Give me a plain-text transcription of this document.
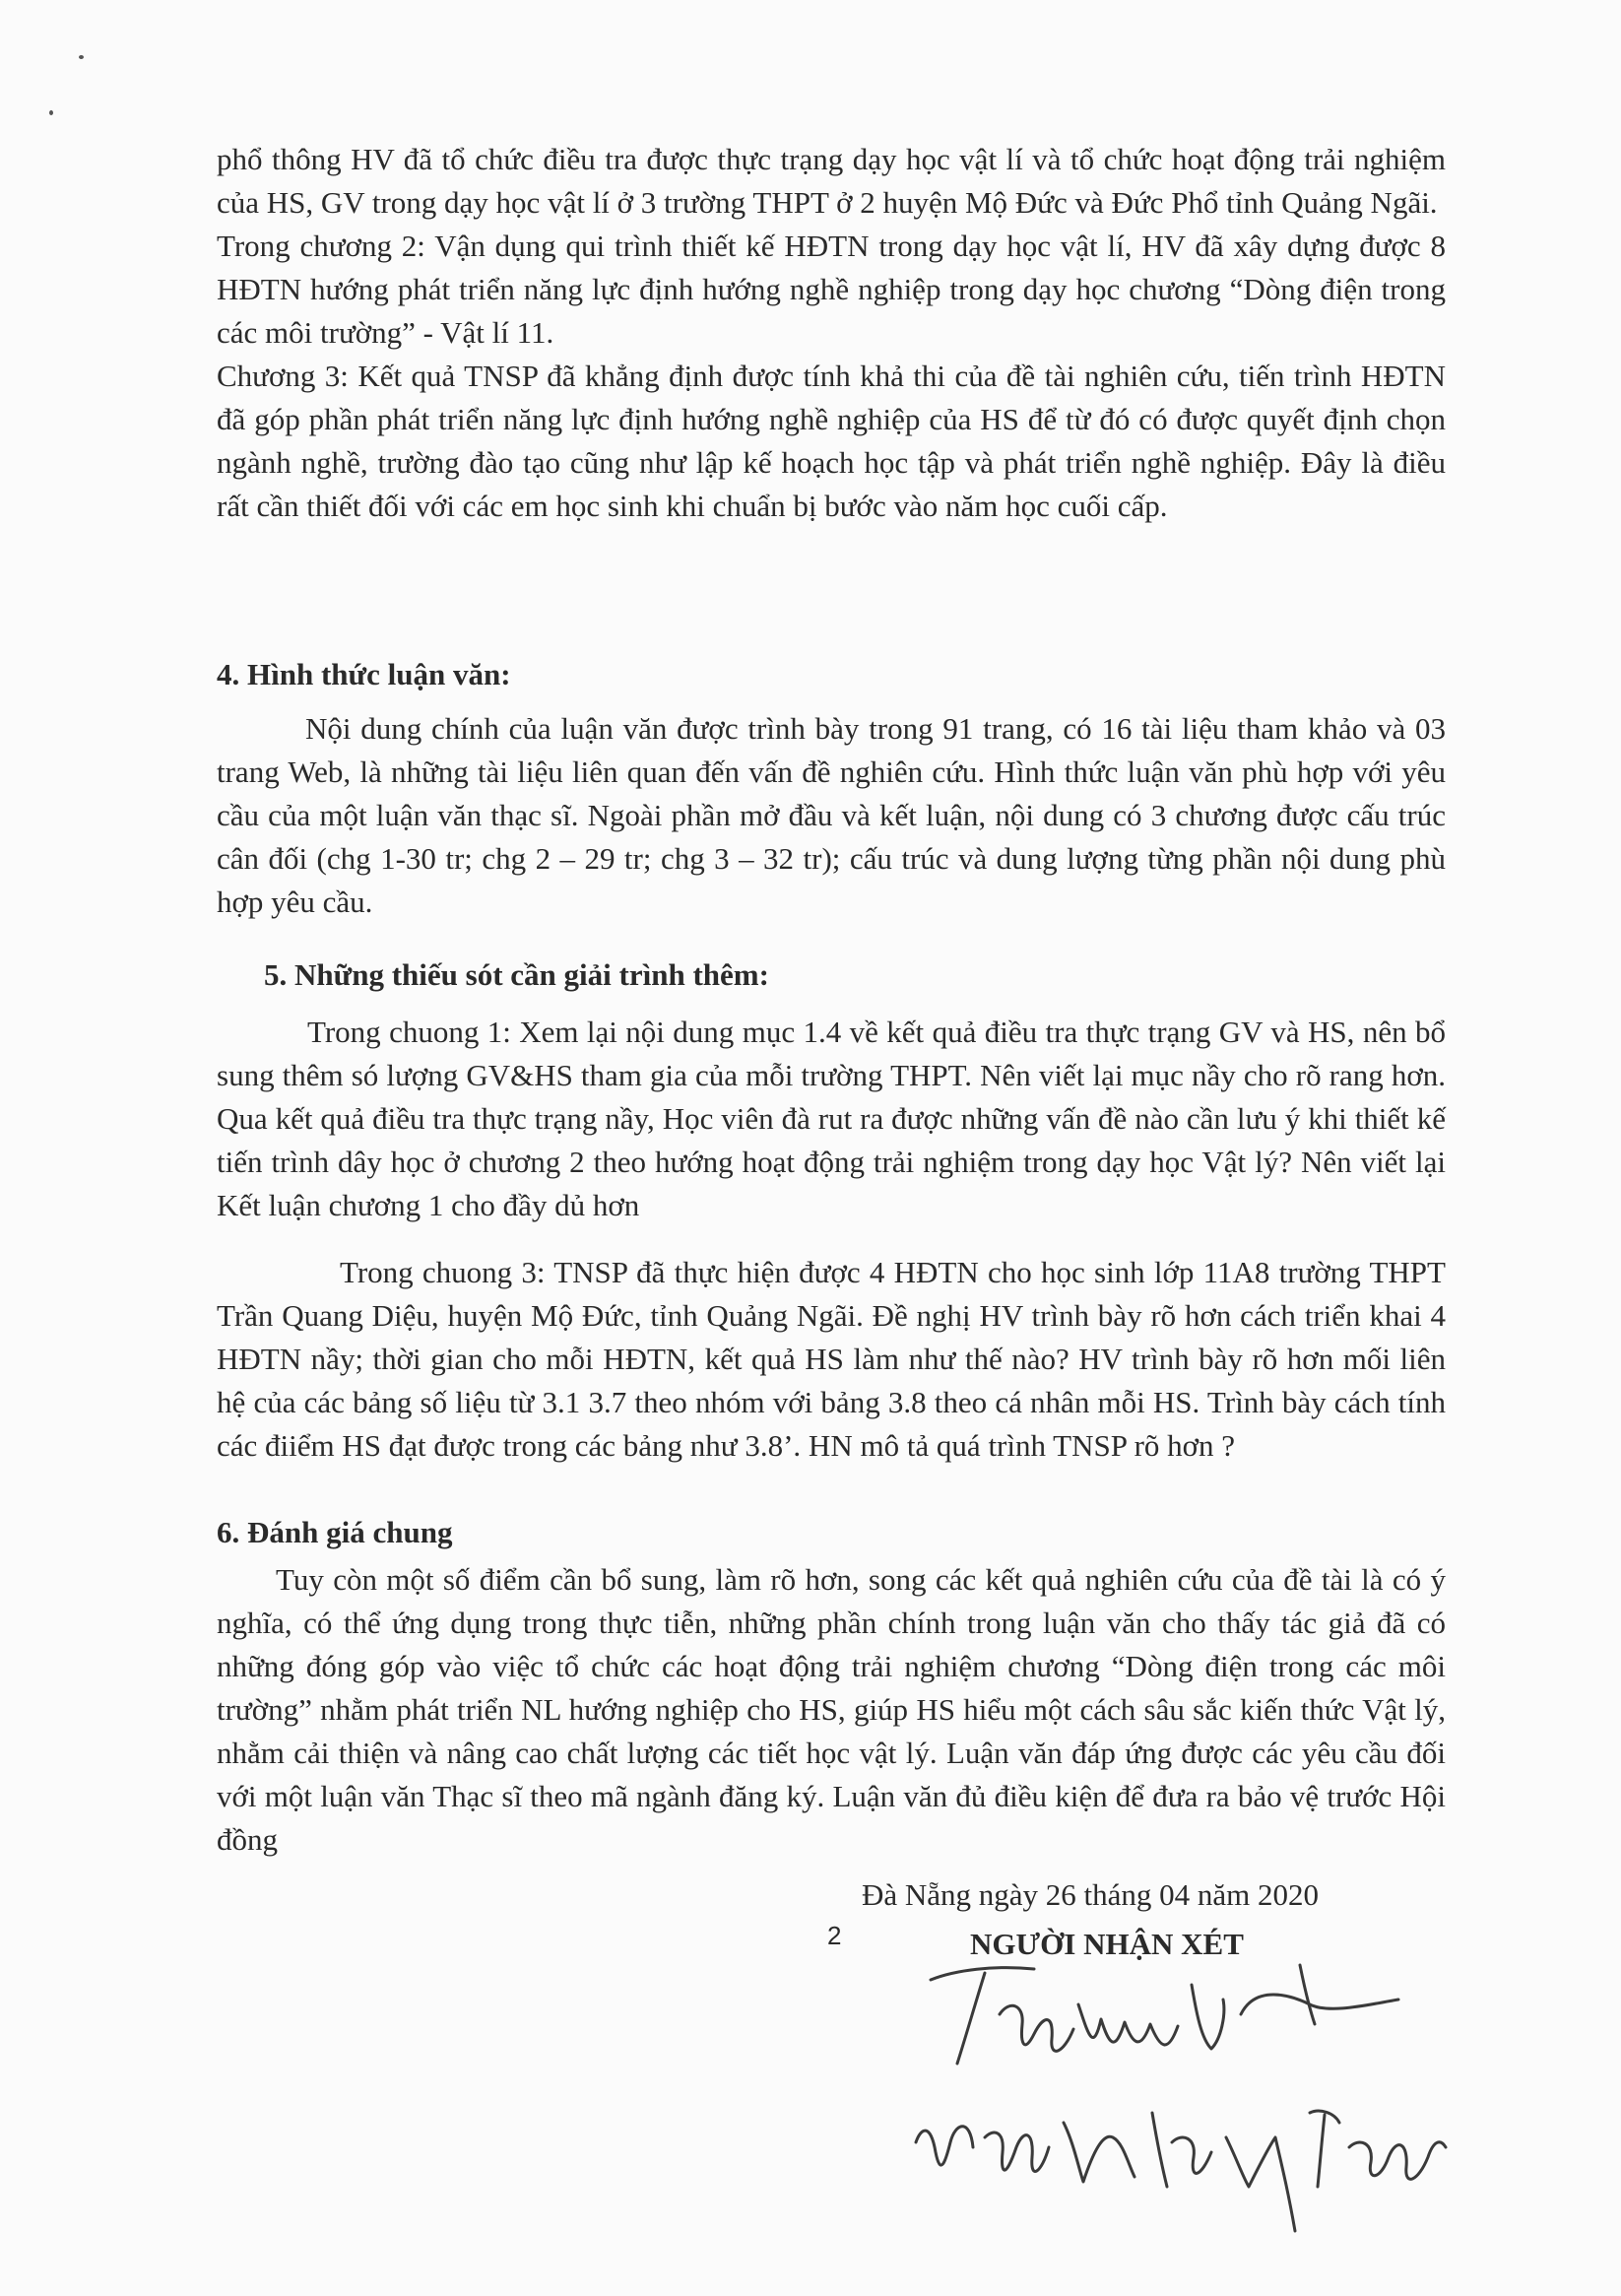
phổ thông HV đã tổ chức điều tra được thực trạng dạy học vật lí và tổ chức hoạt động trải nghiệm của HS, GV trong dạy học vật lí ở 3 trường THPT ở 2 huyện Mộ Đức và Đức Phổ tỉnh Quảng Ngãi.

Trong chương 2: Vận dụng qui trình thiết kế HĐTN trong dạy học vật lí, HV đã xây dựng được 8 HĐTN hướng phát triển năng lực định hướng nghề nghiệp trong dạy học chương “Dòng điện trong các môi trường” - Vật lí 11.

Chương 3: Kết quả TNSP đã khẳng định được tính khả thi của đề tài nghiên cứu, tiến trình HĐTN đã góp phần phát triển năng lực định hướng nghề nghiệp của HS để từ đó có được quyết định chọn ngành nghề, trường đào tạo cũng như lập kế hoạch học tập và phát triển nghề nghiệp. Đây là điều rất cần thiết đối với các em học sinh khi chuẩn bị bước vào năm học cuối cấp.

4. Hình thức luận văn:

Nội dung chính của luận văn được trình bày trong 91 trang, có 16 tài liệu tham khảo và 03 trang Web, là những tài liệu liên quan đến vấn đề nghiên cứu. Hình thức luận văn phù hợp với yêu cầu của một luận văn thạc sĩ. Ngoài phần mở đầu và kết luận, nội dung có 3 chương được cấu trúc cân đối (chg 1-30 tr; chg 2 – 29 tr; chg 3 – 32 tr); cấu trúc và dung lượng từng phần nội dung phù hợp yêu cầu.

5. Những thiếu sót cần giải trình thêm:

Trong chuong 1: Xem lại nội dung mục 1.4 về kết quả điều tra thực trạng GV và HS, nên bổ sung thêm só lượng GV&HS tham gia của mỗi trường THPT. Nên viết lại mục nầy cho rõ rang hơn. Qua kết quả điều tra thực trạng nầy, Học viên đà rut ra được những vấn đề nào cần lưu ý khi thiết kế tiến trình dây học ở chương 2 theo hướng hoạt động trải nghiệm trong dạy học Vật lý? Nên viết lại Kết luận chương 1 cho đầy dủ hơn

Trong chuong 3: TNSP đã thực hiện được 4 HĐTN cho học sinh lớp 11A8 trường THPT Trần Quang Diệu, huyện Mộ Đức, tỉnh Quảng Ngãi. Đề nghị HV trình bày rõ hơn cách triển khai 4 HĐTN nầy; thời gian cho mỗi HĐTN, kết quả HS làm như thế nào? HV trình bày rõ hơn mối liên hệ của các bảng số liệu từ 3.1 3.7 theo nhóm với bảng 3.8 theo cá nhân mỗi HS. Trình bày cách tính các điiểm HS đạt được trong các bảng như 3.8’. HN mô tả quá trình TNSP rõ hơn ?

6. Đánh giá chung

Tuy còn một số điểm cần bổ sung, làm rõ hơn, song các kết quả nghiên cứu của đề tài là có ý nghĩa, có thể ứng dụng trong thực tiễn, những phần chính trong luận văn cho thấy tác giả đã có những đóng góp vào việc tổ chức các hoạt động trải nghiệm chương “Dòng điện trong các môi trường” nhằm phát triển NL hướng nghiệp cho HS, giúp HS hiểu một cách sâu sắc kiến thức Vật lý, nhằm cải thiện và nâng cao chất lượng các tiết học vật lý. Luận văn đáp ứng được các yêu cầu đối với một luận văn Thạc sĩ theo mã ngành đăng ký. Luận văn đủ điều kiện để đưa ra bảo vệ trước Hội đồng

Đà Nẵng ngày 26 tháng 04 năm 2020
NGƯỜI NHẬN XÉT
2
